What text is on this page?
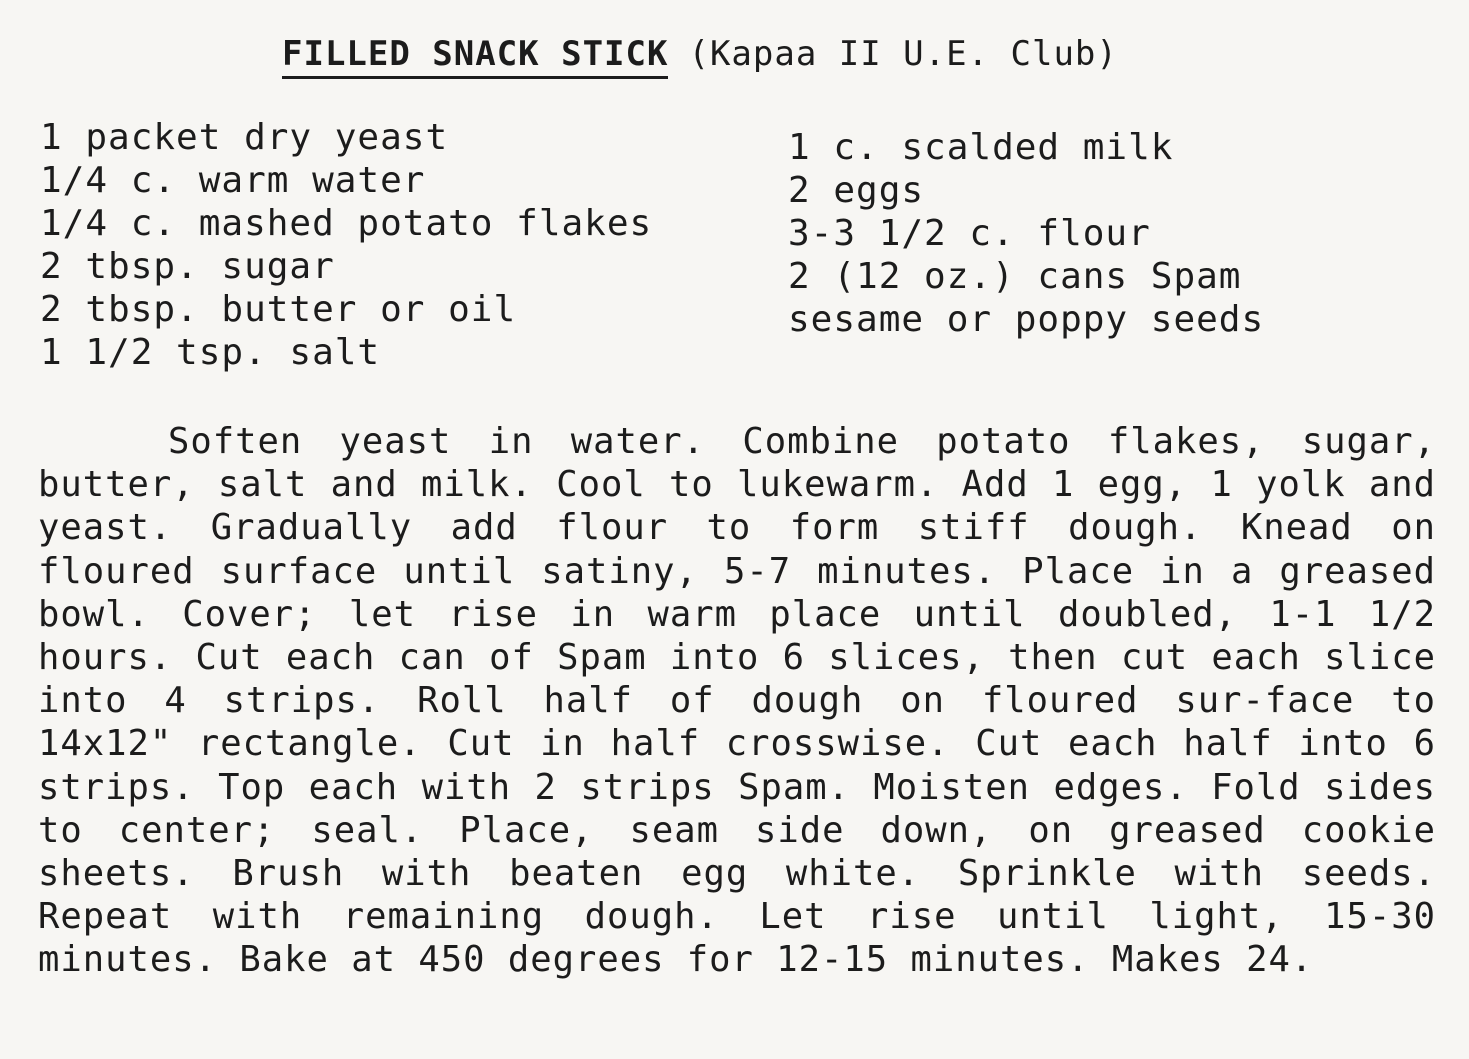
FILLED SNACK STICK (Kapaa II U.E. Club)
1 packet dry yeast
1/4 c. warm water
1/4 c. mashed potato flakes
2 tbsp. sugar
2 tbsp. butter or oil
1 1/2 tsp. salt
1 c. scalded milk
2 eggs
3-3 1/2 c. flour
2 (12 oz.) cans Spam
sesame or poppy seeds

Soften yeast in water. Combine potato flakes, sugar, butter, salt and milk. Cool to lukewarm. Add 1 egg, 1 yolk and yeast. Gradually add flour to form stiff dough. Knead on floured surface until satiny, 5-7 minutes. Place in a greased bowl. Cover; let rise in warm place until doubled, 1-1 1/2 hours. Cut each can of Spam into 6 slices, then cut each slice into 4 strips. Roll half of dough on floured sur-face to 14x12" rectangle. Cut in half crosswise. Cut each half into 6 strips. Top each with 2 strips Spam. Moisten edges. Fold sides to center; seal. Place, seam side down, on greased cookie sheets. Brush with beaten egg white. Sprinkle with seeds. Repeat with remaining dough. Let rise until light, 15-30 minutes. Bake at 450 degrees for 12-15 minutes. Makes 24.
